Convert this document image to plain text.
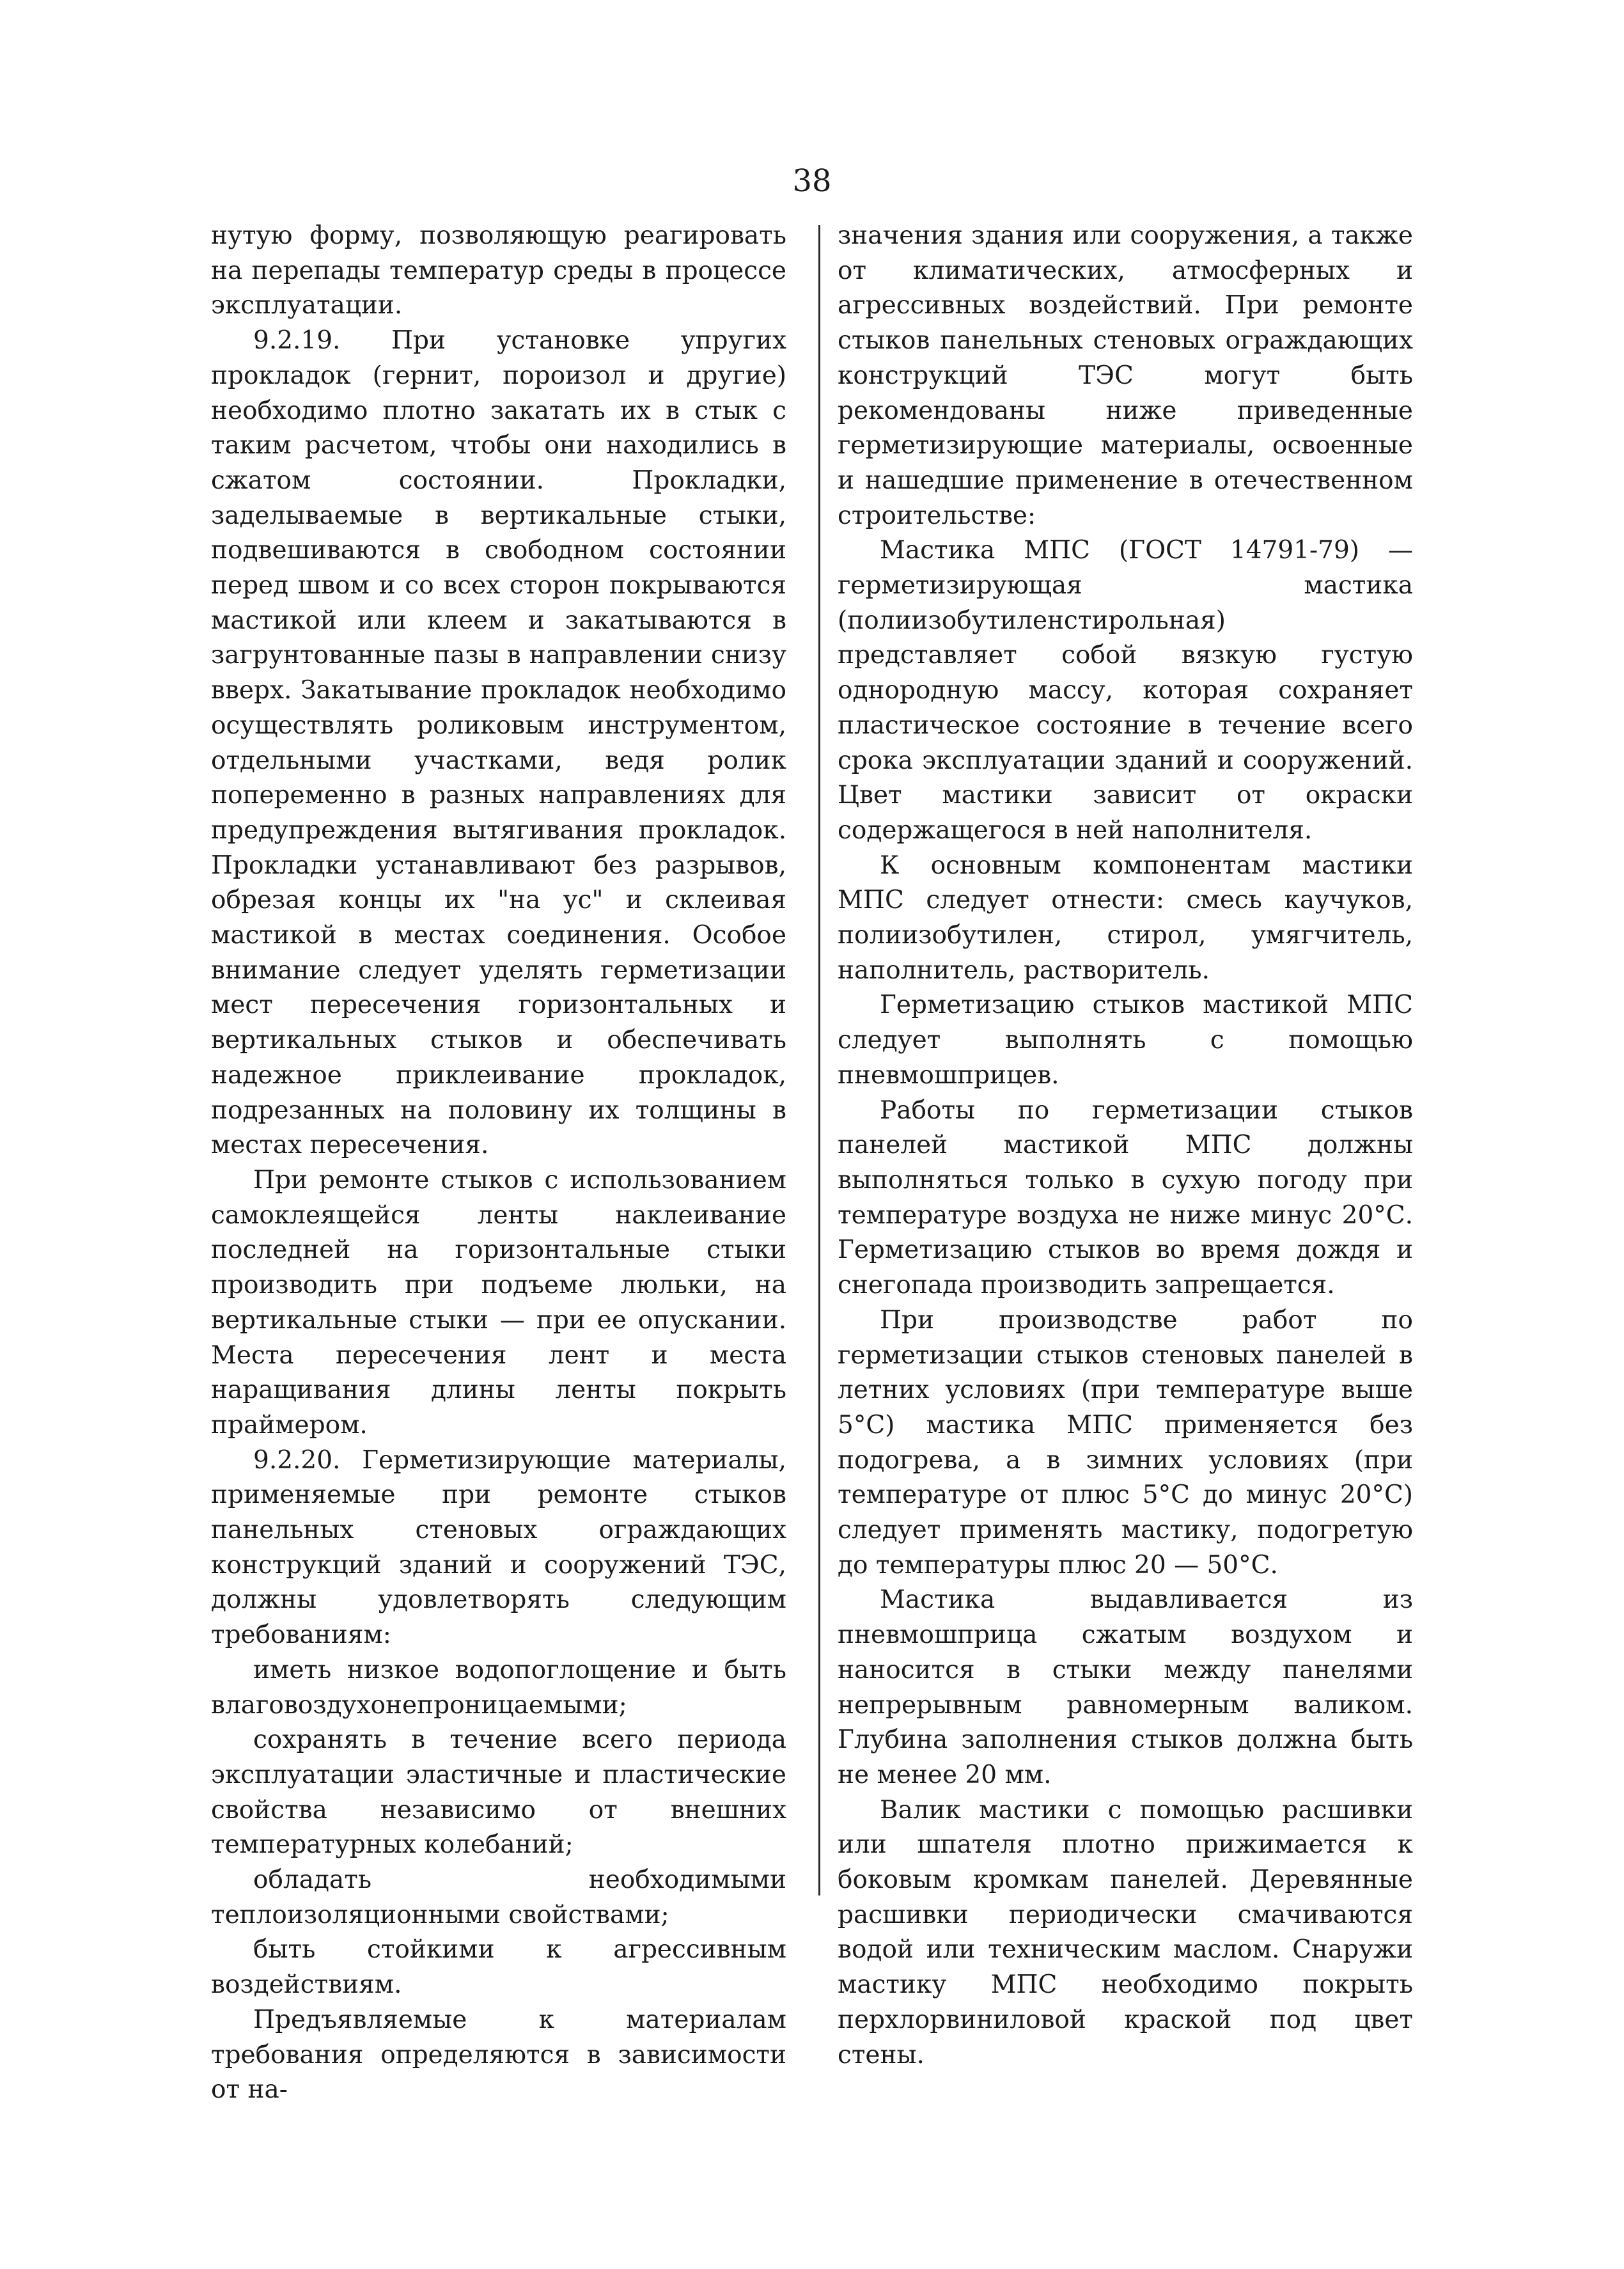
38

нутую форму, позволяющую реагировать на перепады температур среды в процессе эксплуатации.

9.2.19. При установке упругих прокладок (гернит, пороизол и другие) необходимо плотно закатать их в стык с таким расчетом, чтобы они находились в сжатом состоянии. Прокладки, заделываемые в вертикальные стыки, подвешиваются в свободном состоянии перед швом и со всех сторон покрываются мастикой или клеем и закатываются в загрунтованные пазы в направлении снизу вверх. Закатывание прокладок необходимо осуществлять роликовым инструментом, отдельными участками, ведя ролик попеременно в разных направлениях для предупреждения вытягивания прокладок. Прокладки устанавливают без разрывов, обрезая концы их "на ус" и склеивая мастикой в местах соединения. Особое внимание следует уделять герметизации мест пересечения горизонтальных и вертикальных стыков и обеспечивать надежное приклеивание прокладок, подрезанных на половину их толщины в местах пересечения.

При ремонте стыков с использованием самоклеящейся ленты наклеивание последней на горизонтальные стыки производить при подъеме люльки, на вертикальные стыки — при ее опускании. Места пересечения лент и места наращивания длины ленты покрыть праймером.

9.2.20. Герметизирующие материалы, применяемые при ремонте стыков панельных стеновых ограждающих конструкций зданий и сооружений ТЭС, должны удовлетворять следующим требованиям:

иметь низкое водопоглощение и быть влаговоздухонепроницаемыми;

сохранять в течение всего периода эксплуатации эластичные и пластические свойства независимо от внешних температурных колебаний;

обладать необходимыми теплоизоляционными свойствами;

быть стойкими к агрессивным воздействиям.

Предъявляемые к материалам требования определяются в зависимости от на-

значения здания или сооружения, а также от климатических, атмосферных и агрессивных воздействий. При ремонте стыков панельных стеновых ограждающих конструкций ТЭС могут быть рекомендованы ниже приведенные герметизирующие материалы, освоенные и нашедшие применение в отечественном строительстве:

Мастика МПС (ГОСТ 14791-79) — герметизирующая мастика (полиизобутиленстирольная) представляет собой вязкую густую однородную массу, которая сохраняет пластическое состояние в течение всего срока эксплуатации зданий и сооружений. Цвет мастики зависит от окраски содержащегося в ней наполнителя.

К основным компонентам мастики МПС следует отнести: смесь каучуков, полиизобутилен, стирол, умягчитель, наполнитель, растворитель.

Герметизацию стыков мастикой МПС следует выполнять с помощью пневмошприцев.

Работы по герметизации стыков панелей мастикой МПС должны выполняться только в сухую погоду при температуре воздуха не ниже минус 20°С. Герметизацию стыков во время дождя и снегопада производить запрещается.

При производстве работ по герметизации стыков стеновых панелей в летних условиях (при температуре выше 5°С) мастика МПС применяется без подогрева, а в зимних условиях (при температуре от плюс 5°С до минус 20°С) следует применять мастику, подогретую до температуры плюс 20 — 50°С.

Мастика выдавливается из пневмошприца сжатым воздухом и наносится в стыки между панелями непрерывным равномерным валиком. Глубина заполнения стыков должна быть не менее 20 мм.

Валик мастики с помощью расшивки или шпателя плотно прижимается к боковым кромкам панелей. Деревянные расшивки периодически смачиваются водой или техническим маслом. Снаружи мастику МПС необходимо покрыть перхлорвиниловой краской под цвет стены.
